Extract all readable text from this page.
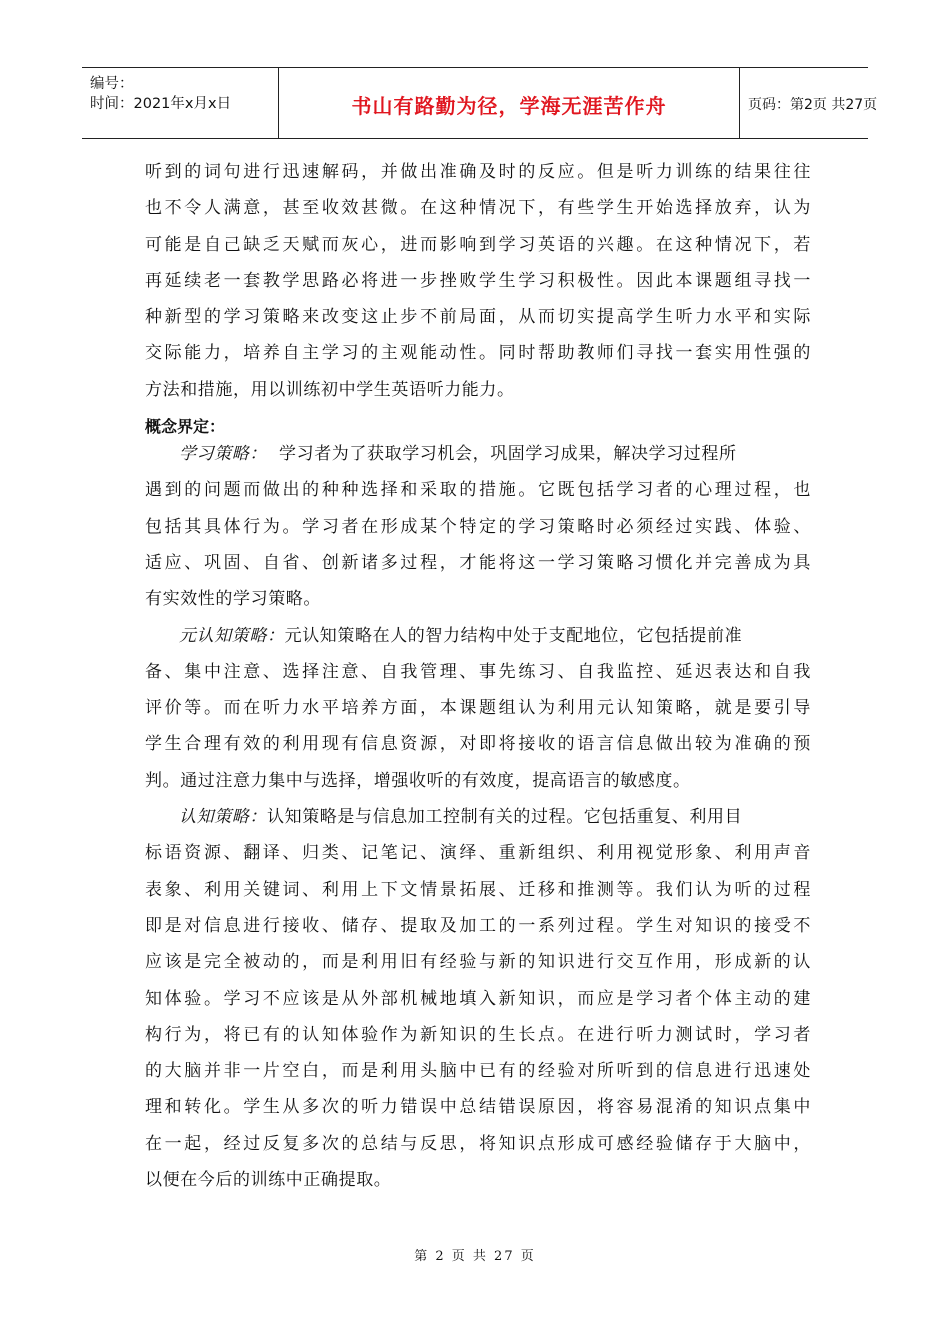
编号：
时间：2021年x月x日	书山有路勤为径，学海无涯苦作舟	页码：第2页 共27页
听到的词句进行迅速解码，并做出准确及时的反应。但是听力训练的结果往往
也不令人满意，甚至收效甚微。在这种情况下，有些学生开始选择放弃，认为
可能是自己缺乏天赋而灰心，进而影响到学习英语的兴趣。在这种情况下，若
再延续老一套教学思路必将进一步挫败学生学习积极性。因此本课题组寻找一
种新型的学习策略来改变这止步不前局面，从而切实提高学生听力水平和实际
交际能力，培养自主学习的主观能动性。同时帮助教师们寻找一套实用性强的
方法和措施，用以训练初中学生英语听力能力。
概念界定：
学习策略：  学习者为了获取学习机会，巩固学习成果，解决学习过程所
遇到的问题而做出的种种选择和采取的措施。它既包括学习者的心理过程，也
包括其具体行为。学习者在形成某个特定的学习策略时必须经过实践、体验、
适应、巩固、自省、创新诸多过程，才能将这一学习策略习惯化并完善成为具
有实效性的学习策略。
元认知策略：元认知策略在人的智力结构中处于支配地位，它包括提前准
备、集中注意、选择注意、自我管理、事先练习、自我监控、延迟表达和自我
评价等。而在听力水平培养方面，本课题组认为利用元认知策略，就是要引导
学生合理有效的利用现有信息资源，对即将接收的语言信息做出较为准确的预
判。通过注意力集中与选择，增强收听的有效度，提高语言的敏感度。
认知策略：认知策略是与信息加工控制有关的过程。它包括重复、利用目
标语资源、翻译、归类、记笔记、演绎、重新组织、利用视觉形象、利用声音
表象、利用关键词、利用上下文情景拓展、迁移和推测等。我们认为听的过程
即是对信息进行接收、储存、提取及加工的一系列过程。学生对知识的接受不
应该是完全被动的，而是利用旧有经验与新的知识进行交互作用，形成新的认
知体验。学习不应该是从外部机械地填入新知识，而应是学习者个体主动的建
构行为，将已有的认知体验作为新知识的生长点。在进行听力测试时，学习者
的大脑并非一片空白，而是利用头脑中已有的经验对所听到的信息进行迅速处
理和转化。学生从多次的听力错误中总结错误原因，将容易混淆的知识点集中
在一起，经过反复多次的总结与反思，将知识点形成可感经验储存于大脑中，
以便在今后的训练中正确提取。
第 2 页 共 27 页
